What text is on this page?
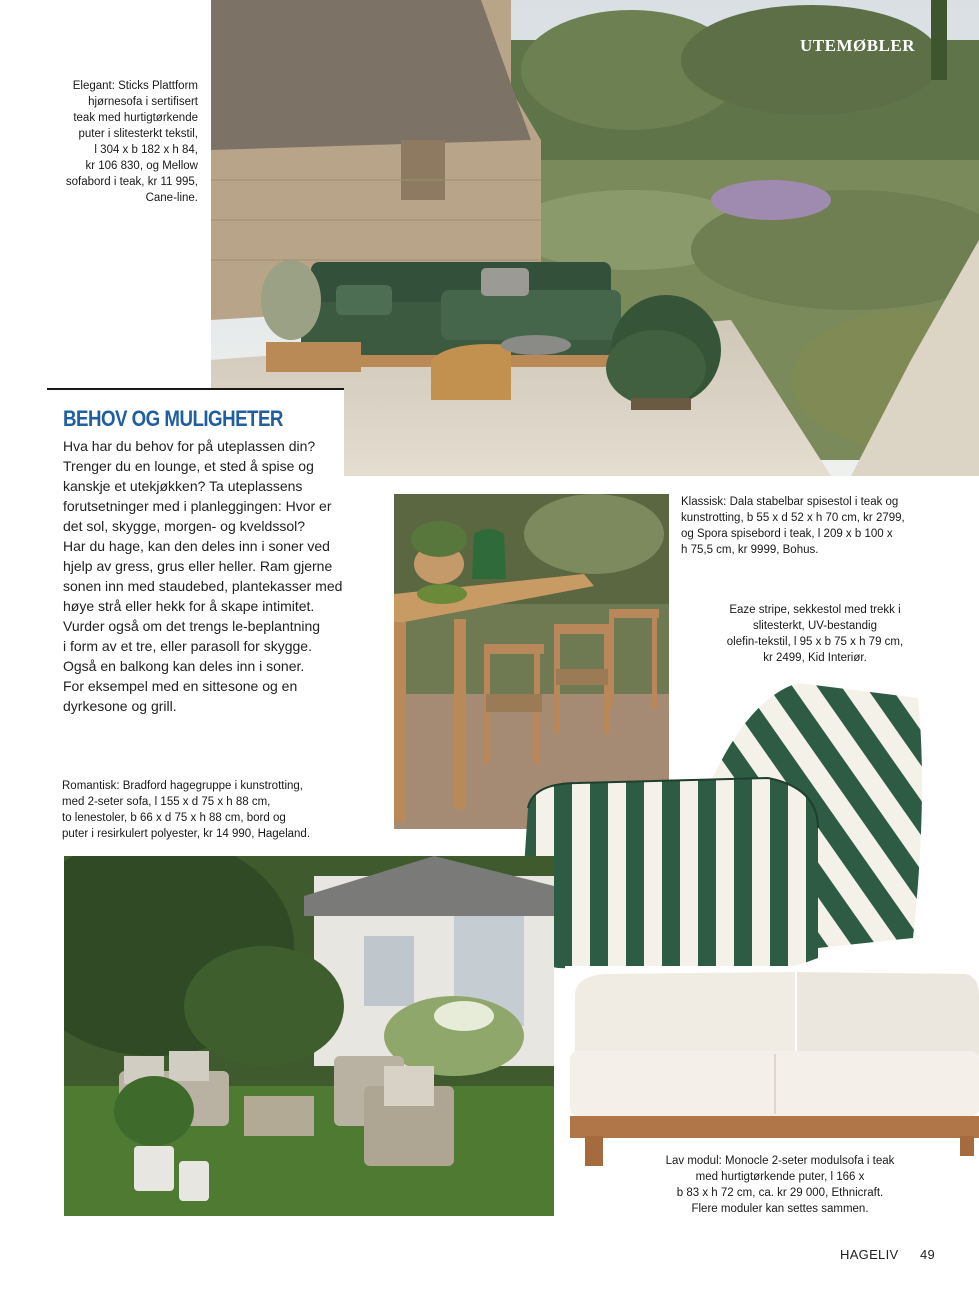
UTEMØBLER

Elegant: Sticks Plattform

hjørnesofa i sertifisert

teak med hurtigtørkende

puter i slitesterkt tekstil,

l 304 x b 182 x h 84,

kr 106 830, og Mellow

sofabord i teak, kr 11 995,

Cane-line.

BEHOV OG MULIGHETER
Hva har du behov for på uteplassen din?
Trenger du en lounge, et sted å spise og
kanskje et utekjøkken? Ta uteplassens
forutsetninger med i planleggingen: Hvor er
det sol, skygge, morgen- og kveldssol?
Har du hage, kan den deles inn i soner ved
hjelp av gress, grus eller heller. Ram gjerne
sonen inn med staudebed, plantekasser med
høye strå eller hekk for å skape intimitet.
Vurder også om det trengs le-beplantning
i form av et tre, eller parasoll for skygge.
Også en balkong kan deles inn i soner.
For eksempel med en sittesone og en
dyrkesone og grill.

Klassisk: Dala stabelbar spisestol i teak og

kunstrotting, b 55 x d 52 x h 70 cm, kr 2799,

og Spora spisebord i teak, l 209 x b 100 x

h 75,5 cm, kr 9999, Bohus.

Eaze stripe, sekkestol med trekk i

slitesterkt, UV-bestandig

olefin-tekstil, l 95 x b 75 x h 79 cm,

kr 2499, Kid Interiør.

Romantisk: Bradford hagegruppe i kunstrotting,

med 2-seter sofa, l 155 x d 75 x h 88 cm,

to lenestoler, b 66 x d 75 x h 88 cm, bord og

puter i resirkulert polyester, kr 14 990, Hageland.

Lav modul: Monocle 2-seter modulsofa i teak

med hurtigtørkende puter, l 166 x

b 83 x h 72 cm, ca. kr 29 000, Ethnicraft.

Flere moduler kan settes sammen.

HAGELIV 49
